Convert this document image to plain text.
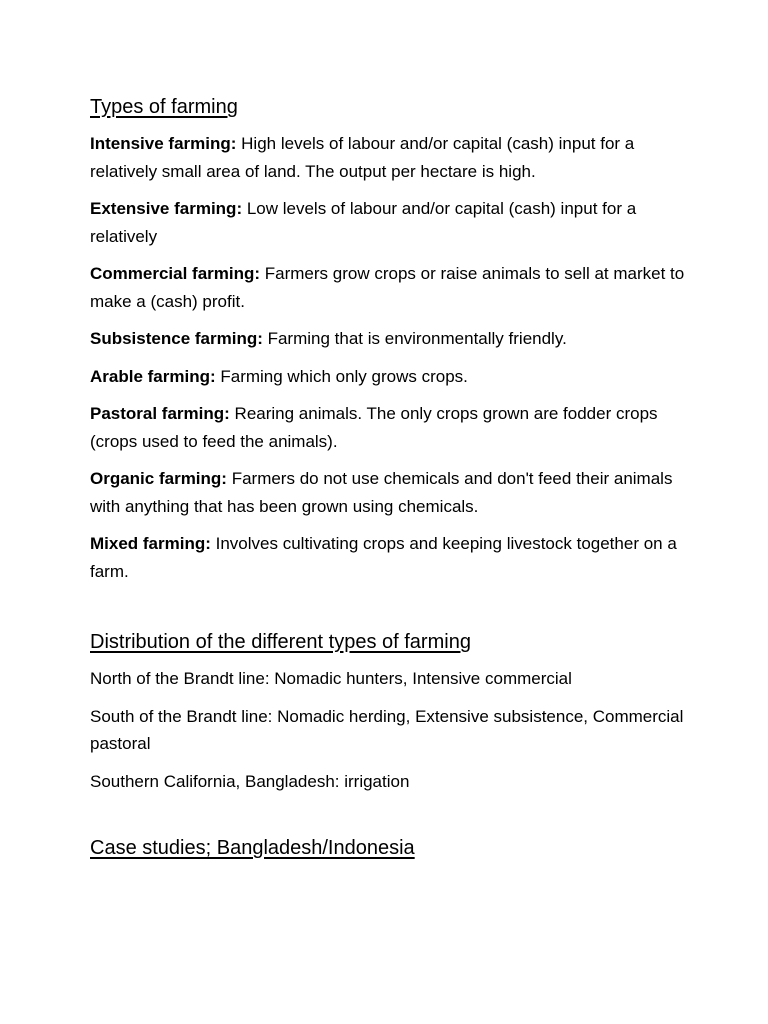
Types of farming

Intensive farming: High levels of labour and/or capital (cash) input for a relatively small area of land. The output per hectare is high.

Extensive farming: Low levels of labour and/or capital (cash) input for a relatively

Commercial farming: Farmers grow crops or raise animals to sell at market to make a (cash) profit.

Subsistence farming: Farming that is environmentally friendly.

Arable farming: Farming which only grows crops.

Pastoral farming: Rearing animals. The only crops grown are fodder crops (crops used to feed the animals).

Organic farming: Farmers do not use chemicals and don't feed their animals with anything that has been grown using chemicals.

Mixed farming: Involves cultivating crops and keeping livestock together on a farm.

Distribution of the different types of farming

North of the Brandt line: Nomadic hunters, Intensive commercial

South of the Brandt line: Nomadic herding, Extensive subsistence, Commercial pastoral

Southern California, Bangladesh: irrigation

Case studies; Bangladesh/Indonesia
